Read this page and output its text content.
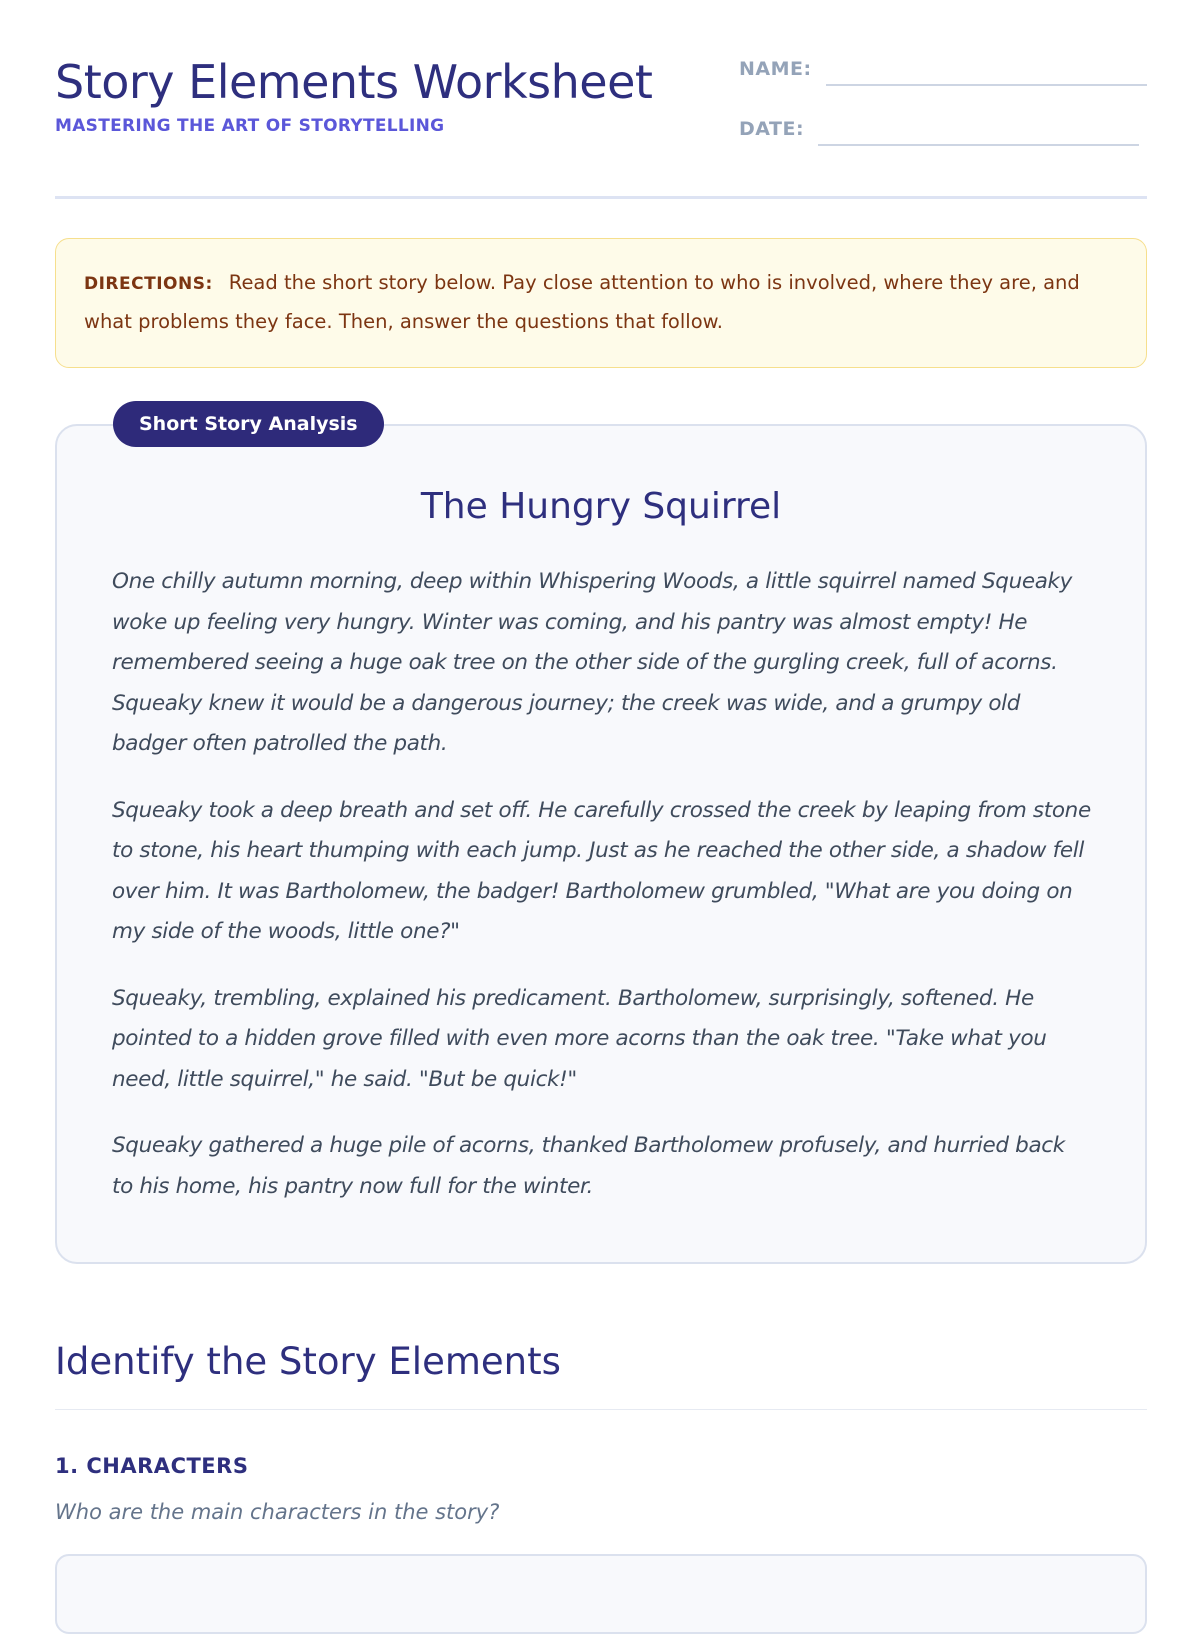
Story Elements Worksheet
MASTERING THE ART OF STORYTELLING
NAME:
DATE:
DIRECTIONS: Read the short story below. Pay close attention to who is involved, where they are, and what problems they face. Then, answer the questions that follow.
Short Story Analysis
The Hungry Squirrel

One chilly autumn morning, deep within Whispering Woods, a little squirrel named Squeaky woke up feeling very hungry. Winter was coming, and his pantry was almost empty! He remembered seeing a huge oak tree on the other side of the gurgling creek, full of acorns. Squeaky knew it would be a dangerous journey; the creek was wide, and a grumpy old badger often patrolled the path.

Squeaky took a deep breath and set off. He carefully crossed the creek by leaping from stone to stone, his heart thumping with each jump. Just as he reached the other side, a shadow fell over him. It was Bartholomew, the badger! Bartholomew grumbled, "What are you doing on my side of the woods, little one?"

Squeaky, trembling, explained his predicament. Bartholomew, surprisingly, softened. He pointed to a hidden grove filled with even more acorns than the oak tree. "Take what you need, little squirrel," he said. "But be quick!"

Squeaky gathered a huge pile of acorns, thanked Bartholomew profusely, and hurried back to his home, his pantry now full for the winter.

Identify the Story Elements
1. CHARACTERS
Who are the main characters in the story?
